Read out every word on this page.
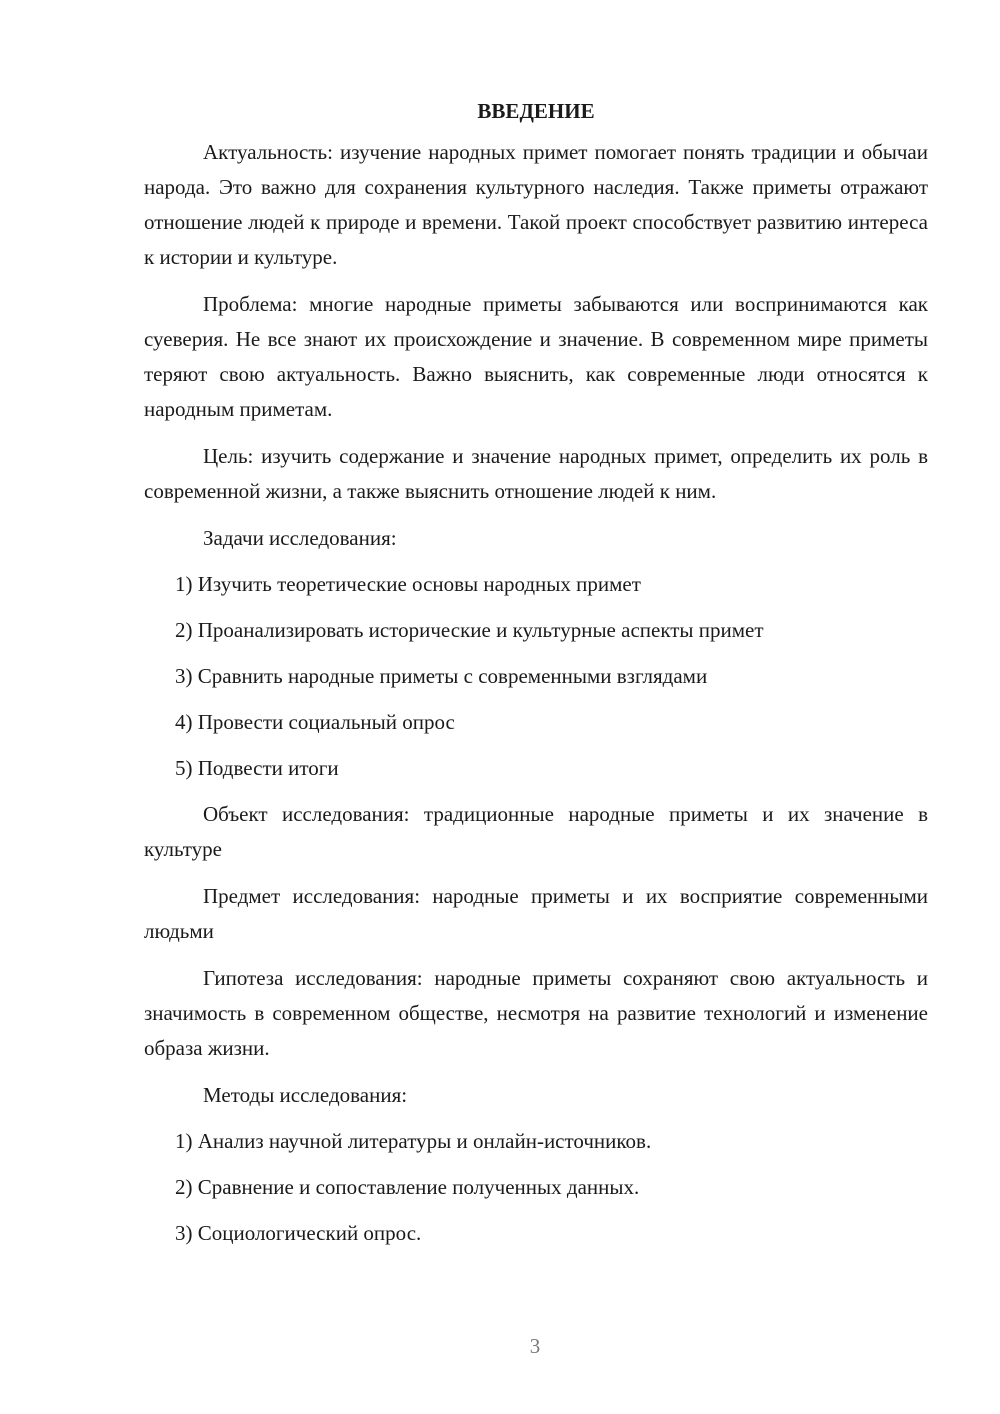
ВВЕДЕНИЕ

Актуальность: изучение народных примет помогает понять традиции и обычаи народа. Это важно для сохранения культурного наследия. Также приметы отражают отношение людей к природе и времени. Такой проект способствует развитию интереса к истории и культуре.

Проблема: многие народные приметы забываются или воспринимаются как суеверия. Не все знают их происхождение и значение. В современном мире приметы теряют свою актуальность. Важно выяснить, как современные люди относятся к народным приметам.

Цель: изучить содержание и значение народных примет, определить их роль в современной жизни, а также выяснить отношение людей к ним.

Задачи исследования:

1) Изучить теоретические основы народных примет

2) Проанализировать исторические и культурные аспекты примет

3) Сравнить народные приметы с современными взглядами

4) Провести социальный опрос

5) Подвести итоги

Объект исследования: традиционные народные приметы и их значение в культуре

Предмет исследования: народные приметы и их восприятие современными людьми

Гипотеза исследования: народные приметы сохраняют свою актуальность и значимость в современном обществе, несмотря на развитие технологий и изменение образа жизни.

Методы исследования:

1) Анализ научной литературы и онлайн-источников.

2) Сравнение и сопоставление полученных данных.

3) Социологический опрос.

3
